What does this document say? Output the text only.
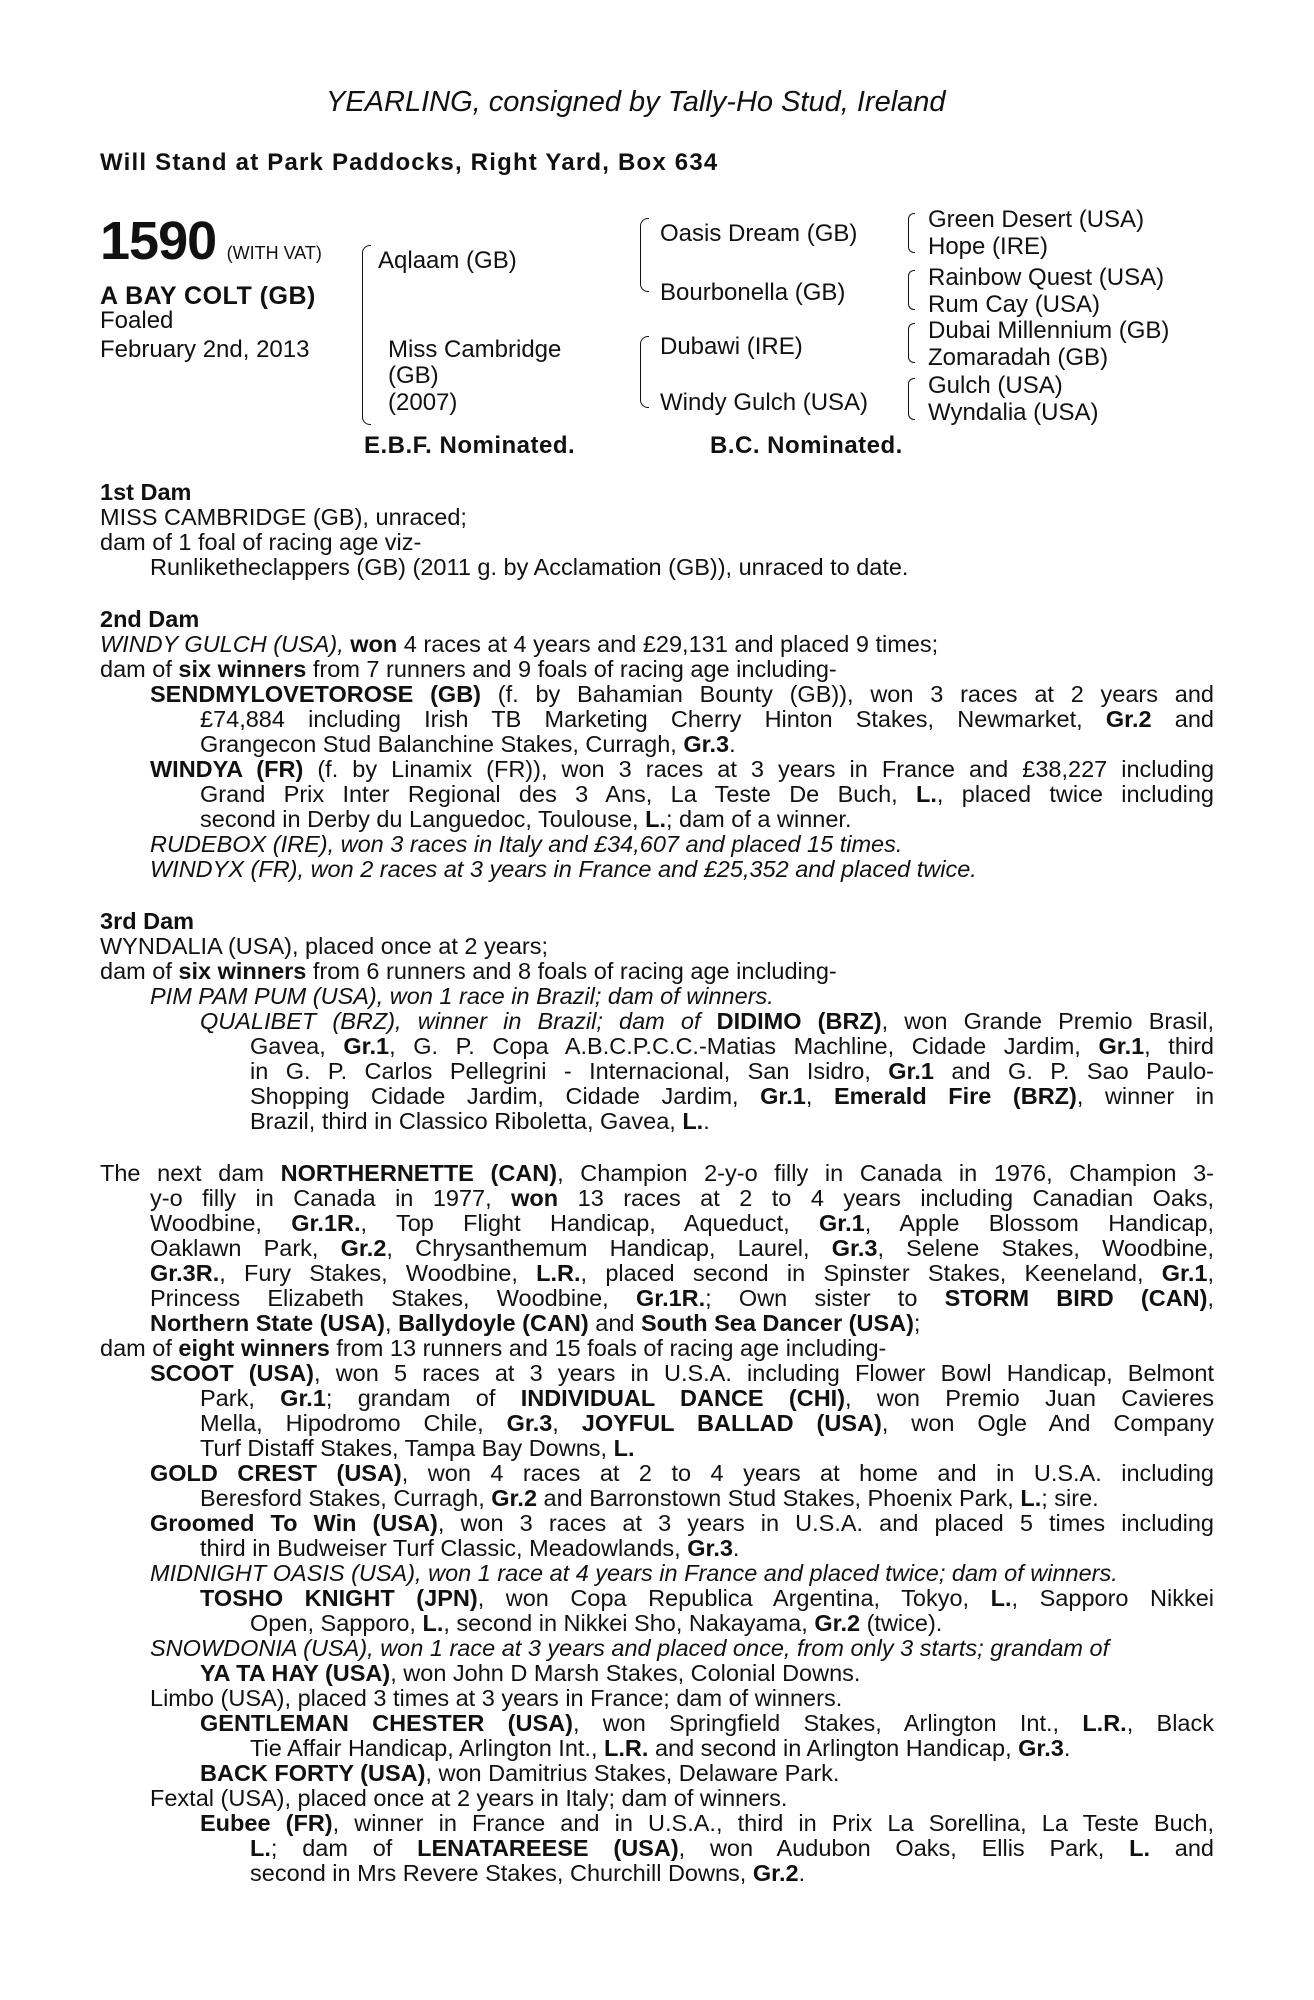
YEARLING, consigned by Tally-Ho Stud, Ireland
Will Stand at Park Paddocks, Right Yard, Box 634
1590 (WITH VAT)
A BAY COLT (GB)
Foaled
February 2nd, 2013
Aqlaam (GB)
Miss Cambridge
(GB)
(2007)
Oasis Dream (GB)
Bourbonella (GB)
Dubawi (IRE)
Windy Gulch (USA)
Green Desert (USA)
Hope (IRE)
Rainbow Quest (USA)
Rum Cay (USA)
Dubai Millennium (GB)
Zomaradah (GB)
Gulch (USA)
Wyndalia (USA)
E.B.F. Nominated.	B.C. Nominated.
1st Dam
MISS CAMBRIDGE (GB), unraced;
dam of 1 foal of racing age viz-
Runliketheclappers (GB) (2011 g. by Acclamation (GB)), unraced to date.
2nd Dam
WINDY GULCH (USA), won 4 races at 4 years and £29,131 and placed 9 times;
dam of six winners from 7 runners and 9 foals of racing age including-
SENDMYLOVETOROSE (GB) (f. by Bahamian Bounty (GB)), won 3 races at 2 years and
£74,884 including Irish TB Marketing Cherry Hinton Stakes, Newmarket, Gr.2 and
Grangecon Stud Balanchine Stakes, Curragh, Gr.3.
WINDYA (FR) (f. by Linamix (FR)), won 3 races at 3 years in France and £38,227 including
Grand Prix Inter Regional des 3 Ans, La Teste De Buch, L., placed twice including
second in Derby du Languedoc, Toulouse, L.; dam of a winner.
RUDEBOX (IRE), won 3 races in Italy and £34,607 and placed 15 times.
WINDYX (FR), won 2 races at 3 years in France and £25,352 and placed twice.
3rd Dam
WYNDALIA (USA), placed once at 2 years;
dam of six winners from 6 runners and 8 foals of racing age including-
PIM PAM PUM (USA), won 1 race in Brazil; dam of winners.
QUALIBET (BRZ), winner in Brazil; dam of DIDIMO (BRZ), won Grande Premio Brasil,
Gavea, Gr.1, G. P. Copa A.B.C.P.C.C.-Matias Machline, Cidade Jardim, Gr.1, third
in G. P. Carlos Pellegrini - Internacional, San Isidro, Gr.1 and G. P. Sao Paulo-
Shopping Cidade Jardim, Cidade Jardim, Gr.1, Emerald Fire (BRZ), winner in
Brazil, third in Classico Riboletta, Gavea, L..
The next dam NORTHERNETTE (CAN), Champion 2-y-o filly in Canada in 1976, Champion 3-
y-o filly in Canada in 1977, won 13 races at 2 to 4 years including Canadian Oaks,
Woodbine, Gr.1R., Top Flight Handicap, Aqueduct, Gr.1, Apple Blossom Handicap,
Oaklawn Park, Gr.2, Chrysanthemum Handicap, Laurel, Gr.3, Selene Stakes, Woodbine,
Gr.3R., Fury Stakes, Woodbine, L.R., placed second in Spinster Stakes, Keeneland, Gr.1,
Princess Elizabeth Stakes, Woodbine, Gr.1R.; Own sister to STORM BIRD (CAN),
Northern State (USA), Ballydoyle (CAN) and South Sea Dancer (USA);
dam of eight winners from 13 runners and 15 foals of racing age including-
SCOOT (USA), won 5 races at 3 years in U.S.A. including Flower Bowl Handicap, Belmont
Park, Gr.1; grandam of INDIVIDUAL DANCE (CHI), won Premio Juan Cavieres
Mella, Hipodromo Chile, Gr.3, JOYFUL BALLAD (USA), won Ogle And Company
Turf Distaff Stakes, Tampa Bay Downs, L.
GOLD CREST (USA), won 4 races at 2 to 4 years at home and in U.S.A. including
Beresford Stakes, Curragh, Gr.2 and Barronstown Stud Stakes, Phoenix Park, L.; sire.
Groomed To Win (USA), won 3 races at 3 years in U.S.A. and placed 5 times including
third in Budweiser Turf Classic, Meadowlands, Gr.3.
MIDNIGHT OASIS (USA), won 1 race at 4 years in France and placed twice; dam of winners.
TOSHO KNIGHT (JPN), won Copa Republica Argentina, Tokyo, L., Sapporo Nikkei
Open, Sapporo, L., second in Nikkei Sho, Nakayama, Gr.2 (twice).
SNOWDONIA (USA), won 1 race at 3 years and placed once, from only 3 starts; grandam of
YA TA HAY (USA), won John D Marsh Stakes, Colonial Downs.
Limbo (USA), placed 3 times at 3 years in France; dam of winners.
GENTLEMAN CHESTER (USA), won Springfield Stakes, Arlington Int., L.R., Black
Tie Affair Handicap, Arlington Int., L.R. and second in Arlington Handicap, Gr.3.
BACK FORTY (USA), won Damitrius Stakes, Delaware Park.
Fextal (USA), placed once at 2 years in Italy; dam of winners.
Eubee (FR), winner in France and in U.S.A., third in Prix La Sorellina, La Teste Buch,
L.; dam of LENATAREESE (USA), won Audubon Oaks, Ellis Park, L. and
second in Mrs Revere Stakes, Churchill Downs, Gr.2.
